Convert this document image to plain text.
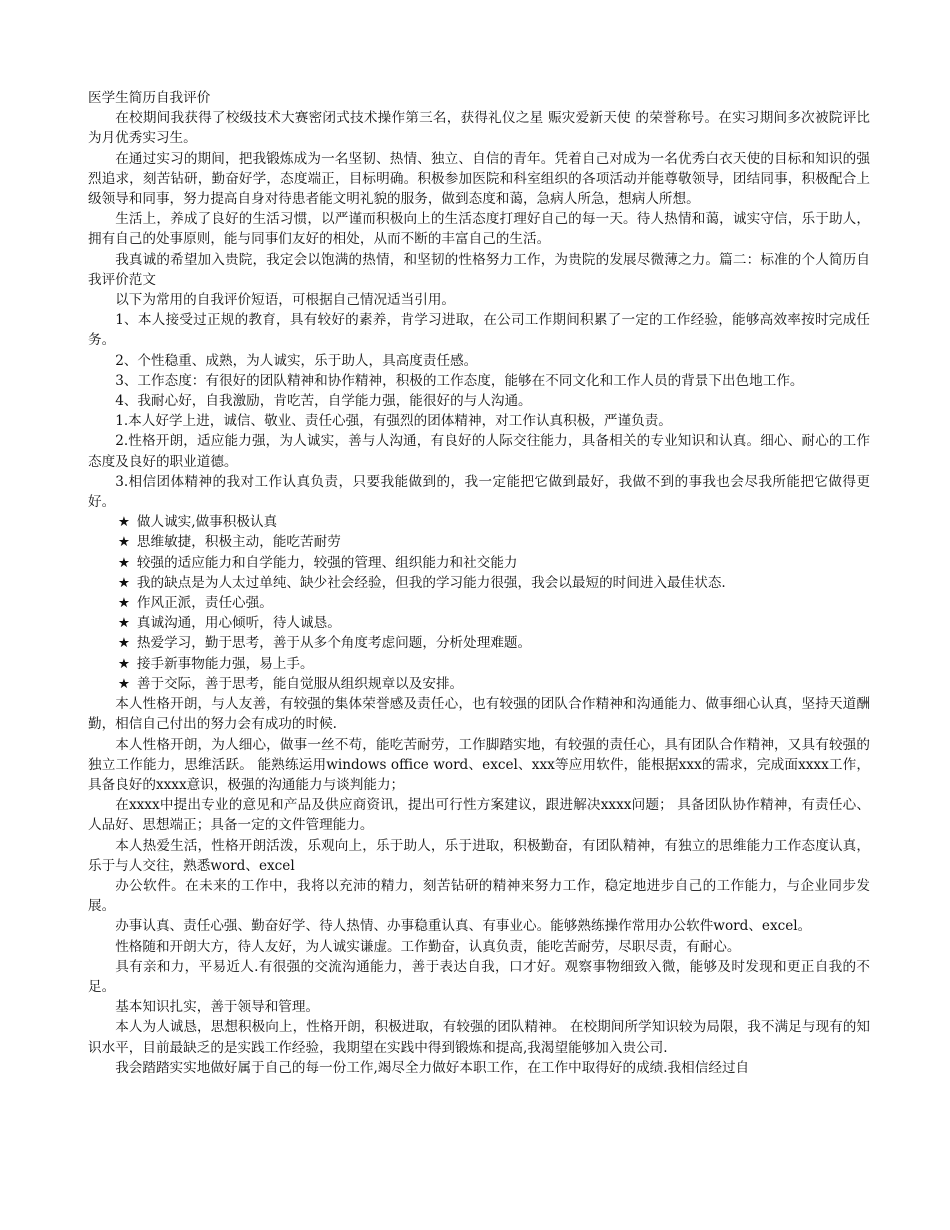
医学生简历自我评价

在校期间我获得了校级技术大赛密闭式技术操作第三名，获得礼仪之星 赈灾爱新天使 的荣誉称号。在实习期间多次被院评比为月优秀实习生。

在通过实习的期间，把我锻炼成为一名坚韧、热情、独立、自信的青年。凭着自己对成为一名优秀白衣天使的目标和知识的强烈追求，刻苦钻研，勤奋好学，态度端正，目标明确。积极参加医院和科室组织的各项活动并能尊敬领导，团结同事，积极配合上级领导和同事，努力提高自身对待患者能文明礼貌的服务，做到态度和蔼，急病人所急，想病人所想。

生活上，养成了良好的生活习惯，以严谨而积极向上的生活态度打理好自己的每一天。待人热情和蔼，诚实守信，乐于助人，拥有自己的处事原则，能与同事们友好的相处，从而不断的丰富自己的生活。

我真诚的希望加入贵院，我定会以饱满的热情，和坚韧的性格努力工作，为贵院的发展尽微薄之力。篇二：标准的个人简历自我评价范文

以下为常用的自我评价短语，可根据自己情况适当引用。

1、本人接受过正规的教育，具有较好的素养，肯学习进取，在公司工作期间积累了一定的工作经验，能够高效率按时完成任务。

2、个性稳重、成熟，为人诚实，乐于助人，具高度责任感。

3、工作态度：有很好的团队精神和协作精神，积极的工作态度，能够在不同文化和工作人员的背景下出色地工作。

4、我耐心好，自我激励，肯吃苦，自学能力强，能很好的与人沟通。

1.本人好学上进，诚信、敬业、责任心强，有强烈的团体精神，对工作认真积极，严谨负责。

2.性格开朗，适应能力强，为人诚实，善与人沟通，有良好的人际交往能力，具备相关的专业知识和认真。细心、耐心的工作态度及良好的职业道德。

3.相信团体精神的我对工作认真负责，只要我能做到的，我一定能把它做到最好，我做不到的事我也会尽我所能把它做得更好。

★ 做人诚实,做事积极认真

★ 思维敏捷，积极主动，能吃苦耐劳

★ 较强的适应能力和自学能力，较强的管理、组织能力和社交能力

★ 我的缺点是为人太过单纯、缺少社会经验，但我的学习能力很强，我会以最短的时间进入最佳状态.

★ 作风正派，责任心强。

★ 真诚沟通，用心倾听，待人诚恳。

★ 热爱学习，勤于思考，善于从多个角度考虑问题，分析处理难题。

★ 接手新事物能力强，易上手。

★ 善于交际，善于思考，能自觉服从组织规章以及安排。

本人性格开朗，与人友善，有较强的集体荣誉感及责任心，也有较强的团队合作精神和沟通能力、做事细心认真，坚持天道酬勤，相信自己付出的努力会有成功的时候.

本人性格开朗，为人细心，做事一丝不苟，能吃苦耐劳，工作脚踏实地，有较强的责任心，具有团队合作精神，又具有较强的独立工作能力，思维活跃。 能熟练运用windows office word、excel、xxx等应用软件，能根据xxx的需求，完成面xxxx工作，具备良好的xxxx意识，极强的沟通能力与谈判能力；

在xxxx中提出专业的意见和产品及供应商资讯，提出可行性方案建议，跟进解决xxxx问题； 具备团队协作精神，有责任心、人品好、思想端正；具备一定的文件管理能力。

本人热爱生活，性格开朗活泼，乐观向上，乐于助人，乐于进取，积极勤奋，有团队精神，有独立的思维能力工作态度认真，乐于与人交往，熟悉word、excel

办公软件。在未来的工作中，我将以充沛的精力，刻苦钻研的精神来努力工作，稳定地进步自己的工作能力，与企业同步发展。

办事认真、责任心强、勤奋好学、待人热情、办事稳重认真、有事业心。能够熟练操作常用办公软件word、excel。

性格随和开朗大方，待人友好，为人诚实谦虚。工作勤奋，认真负责，能吃苦耐劳，尽职尽责，有耐心。

具有亲和力，平易近人.有很强的交流沟通能力，善于表达自我，口才好。观察事物细致入微，能够及时发现和更正自我的不足。

基本知识扎实，善于领导和管理。

本人为人诚恳，思想积极向上，性格开朗，积极进取，有较强的团队精神。 在校期间所学知识较为局限，我不满足与现有的知识水平，目前最缺乏的是实践工作经验，我期望在实践中得到锻炼和提高,我渴望能够加入贵公司.

我会踏踏实实地做好属于自己的每一份工作,竭尽全力做好本职工作，在工作中取得好的成绩.我相信经过自
